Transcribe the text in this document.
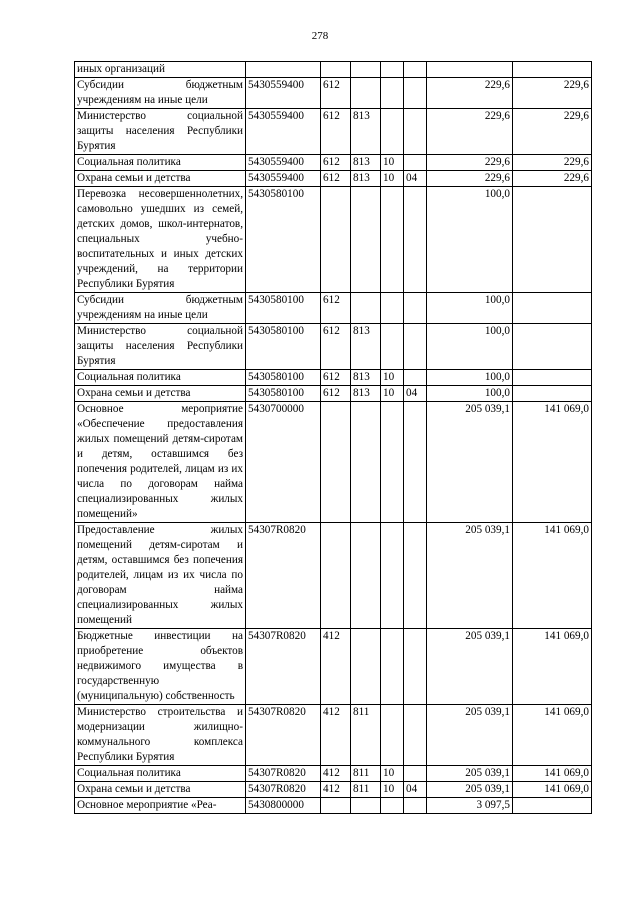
278
иных организаций							
Субсидии бюджетным учреждениям на иные цели	5430559400	612				229,6	229,6
Министерство социальной защиты населения Республики Бурятия	5430559400	612	813			229,6	229,6
Социальная политика	5430559400	612	813	10		229,6	229,6
Охрана семьи и детства	5430559400	612	813	10	04	229,6	229,6
Перевозка несовершеннолетних, самовольно ушедших из семей, детских домов, школ-интернатов, специальных учебно-воспитательных и иных детских учреждений, на территории Республики Бурятия	5430580100					100,0	
Субсидии бюджетным учреждениям на иные цели	5430580100	612				100,0	
Министерство социальной защиты населения Республики Бурятия	5430580100	612	813			100,0	
Социальная политика	5430580100	612	813	10		100,0	
Охрана семьи и детства	5430580100	612	813	10	04	100,0	
Основное мероприятие «Обеспечение предоставления жилых помещений детям-сиротам и детям, оставшимся без попечения родителей, лицам из их числа по договорам найма специализированных жилых помещений»	5430700000					205 039,1	141 069,0
Предоставление жилых помещений детям-сиротам и детям, оставшимся без попечения родителей, лицам из их числа по договорам найма специализированных жилых помещений	54307R0820					205 039,1	141 069,0
Бюджетные инвестиции на приобретение объектов недвижимого имущества в государственную (муниципальную) собственность	54307R0820	412				205 039,1	141 069,0
Министерство строительства и модернизации жилищно-коммунального комплекса Республики Бурятия	54307R0820	412	811			205 039,1	141 069,0
Социальная политика	54307R0820	412	811	10		205 039,1	141 069,0
Охрана семьи и детства	54307R0820	412	811	10	04	205 039,1	141 069,0
Основное мероприятие «Реа-	5430800000					3 097,5	
